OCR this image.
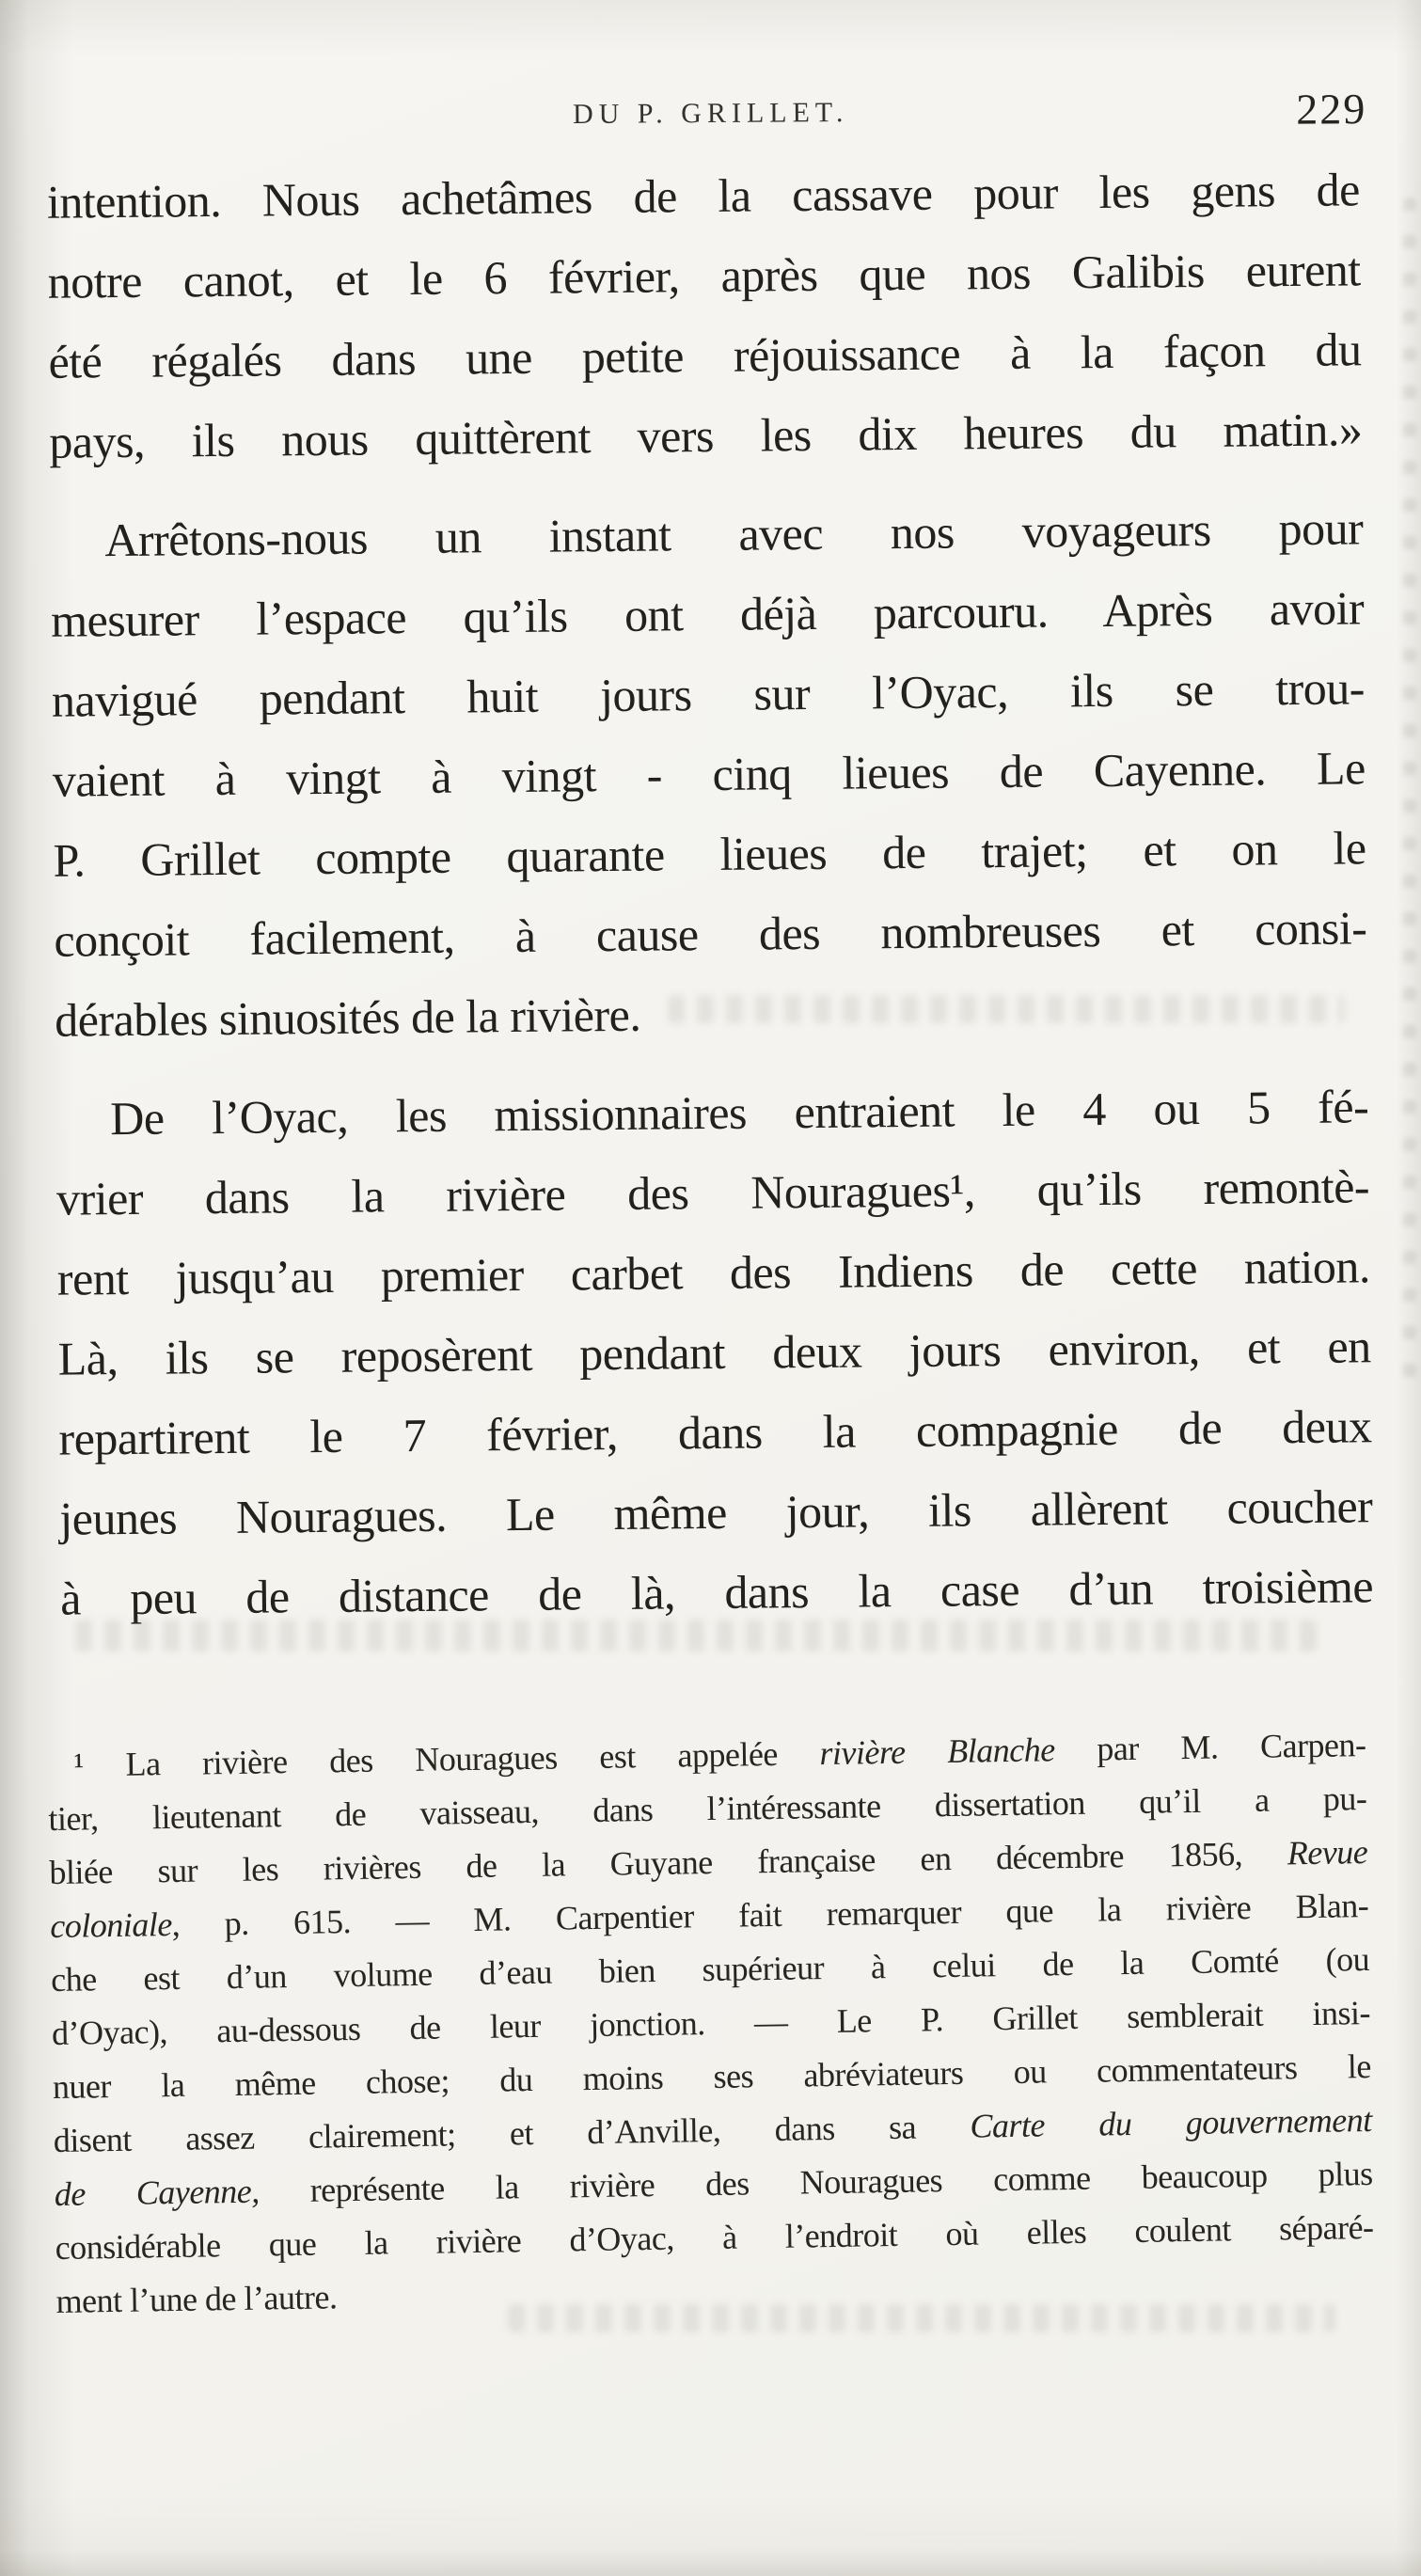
DU P. GRILLET.	229
intention. Nous achetâmes de la cassave pour les gens de
notre canot, et le 6 février, après que nos Galibis eurent
été régalés dans une petite réjouissance à la façon du
pays, ils nous quittèrent vers les dix heures du matin.»
Arrêtons-nous un instant avec nos voyageurs pour
mesurer l’espace qu’ils ont déjà parcouru. Après avoir
navigué pendant huit jours sur l’Oyac, ils se trou-
vaient à vingt à vingt - cinq lieues de Cayenne. Le
P. Grillet compte quarante lieues de trajet; et on le
conçoit facilement, à cause des nombreuses et consi-
dérables sinuosités de la rivière.
De l’Oyac, les missionnaires entraient le 4 ou 5 fé-
vrier dans la rivière des Nouragues¹, qu’ils remontè-
rent jusqu’au premier carbet des Indiens de cette nation.
Là, ils se reposèrent pendant deux jours environ, et en
repartirent le 7 février, dans la compagnie de deux
jeunes Nouragues. Le même jour, ils allèrent coucher
à peu de distance de là, dans la case d’un troisième
¹ La rivière des Nouragues est appelée rivière Blanche par M. Carpen-
tier, lieutenant de vaisseau, dans l’intéressante dissertation qu’il a pu-
bliée sur les rivières de la Guyane française en décembre 1856, Revue
coloniale, p. 615. — M. Carpentier fait remarquer que la rivière Blan-
che est d’un volume d’eau bien supérieur à celui de la Comté (ou
d’Oyac), au-dessous de leur jonction. — Le P. Grillet semblerait insi-
nuer la même chose; du moins ses abréviateurs ou commentateurs le
disent assez clairement; et d’Anville, dans sa Carte du gouvernement
de Cayenne, représente la rivière des Nouragues comme beaucoup plus
considérable que la rivière d’Oyac, à l’endroit où elles coulent séparé-
ment l’une de l’autre.
